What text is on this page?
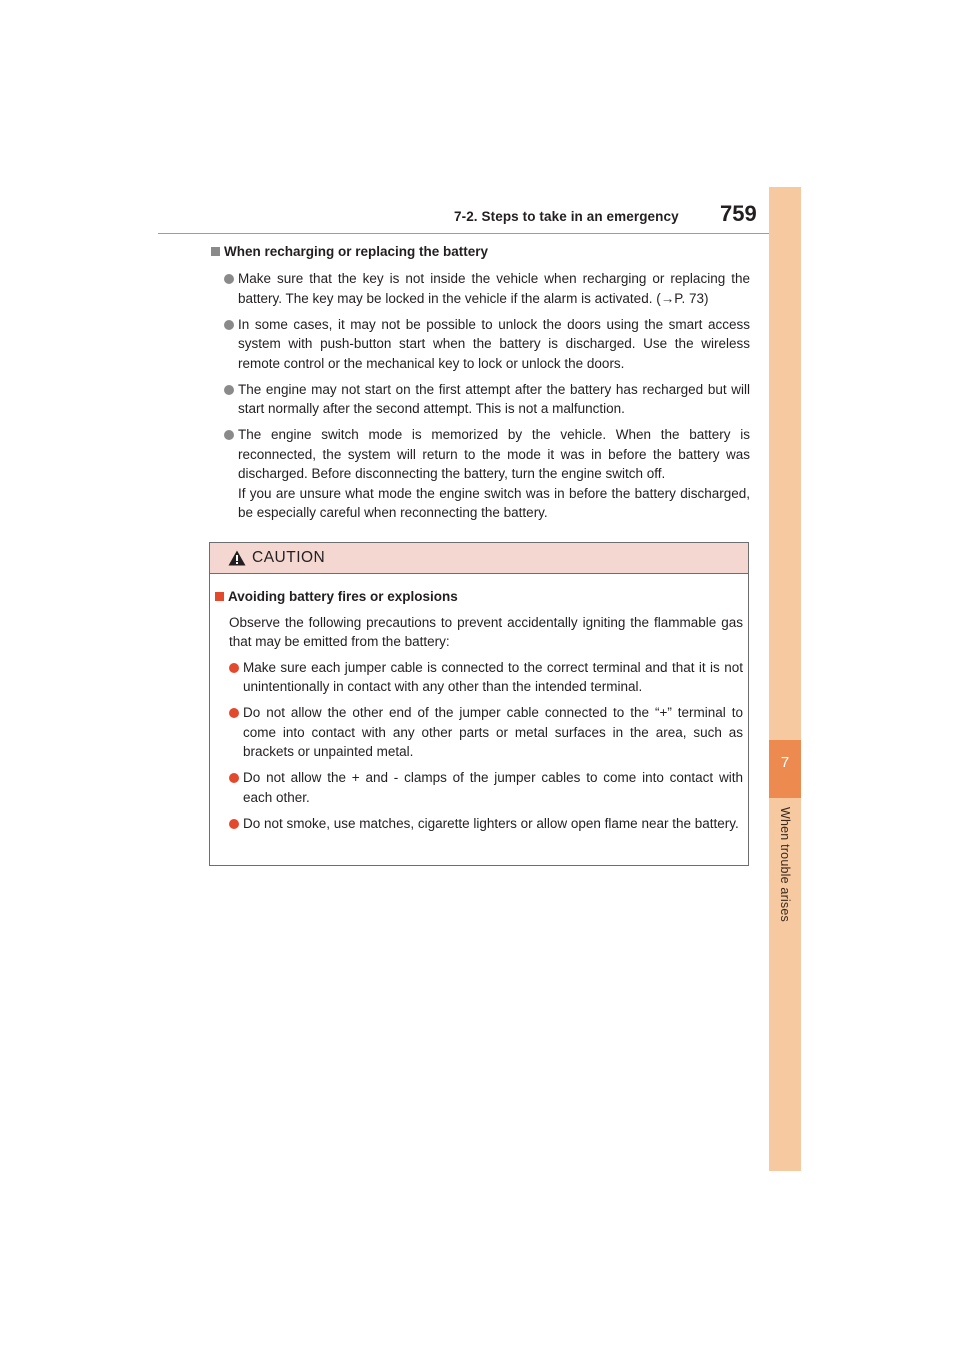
7-2. Steps to take in an emergency 759
7
When trouble arises
When recharging or replacing the battery
Make sure that the key is not inside the vehicle when recharging or replacing the battery. The key may be locked in the vehicle if the alarm is activated. (→P. 73)
In some cases, it may not be possible to unlock the doors using the smart access system with push-button start when the battery is discharged. Use the wireless remote control or the mechanical key to lock or unlock the doors.
The engine may not start on the first attempt after the battery has recharged but will start normally after the second attempt. This is not a malfunction.
The engine switch mode is memorized by the vehicle. When the battery is reconnected, the system will return to the mode it was in before the battery was discharged. Before disconnecting the battery, turn the engine switch off.
If you are unsure what mode the engine switch was in before the battery discharged, be especially careful when reconnecting the battery.
CAUTION
Avoiding battery fires or explosions
Observe the following precautions to prevent accidentally igniting the flammable gas that may be emitted from the battery:
Make sure each jumper cable is connected to the correct terminal and that it is not unintentionally in contact with any other than the intended terminal.
Do not allow the other end of the jumper cable connected to the “+” terminal to come into contact with any other parts or metal surfaces in the area, such as brackets or unpainted metal.
Do not allow the + and - clamps of the jumper cables to come into contact with each other.
Do not smoke, use matches, cigarette lighters or allow open flame near the battery.
